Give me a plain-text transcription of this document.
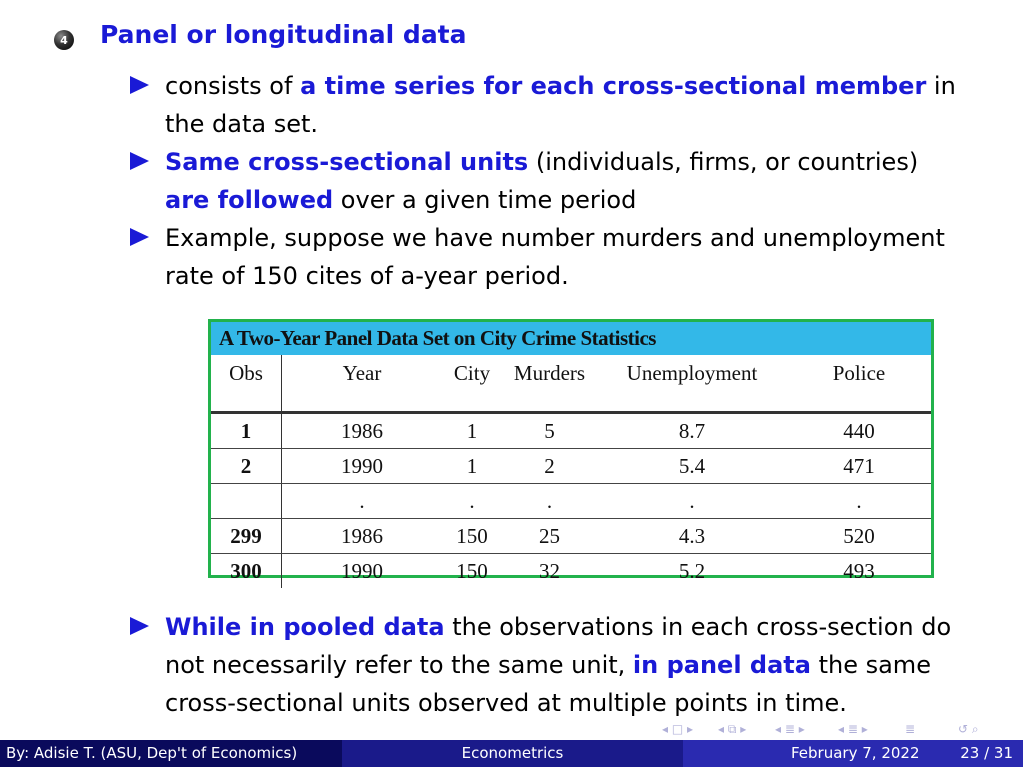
4 Panel or longitudinal data
consists of a time series for each cross-sectional member in
the data set.
Same cross-sectional units (individuals, firms, or countries)
are followed over a given time period
Example, suppose we have number murders and unemployment
rate of 150 cites of a-year period.
A Two-Year Panel Data Set on City Crime Statistics
Obs	Year	City	Murders	Unemployment	Police
1	1986	1	5	8.7	440
2	1990	1	2	5.4	471
	.	.	.	.	.
299	1986	150	25	4.3	520
300	1990	150	32	5.2	493
While in pooled data the observations in each cross-section do
not necessarily refer to the same unit, in panel data the same
cross-sectional units observed at multiple points in time.
◂ □ ▸ ◂ ⧉ ▸ ◂ ≣ ▸	◂ ≣ ▸	≣	↺ ⌕
By: Adisie T. (ASU, Dep't of Economics)	Econometrics	February 7, 2022	23 / 31
